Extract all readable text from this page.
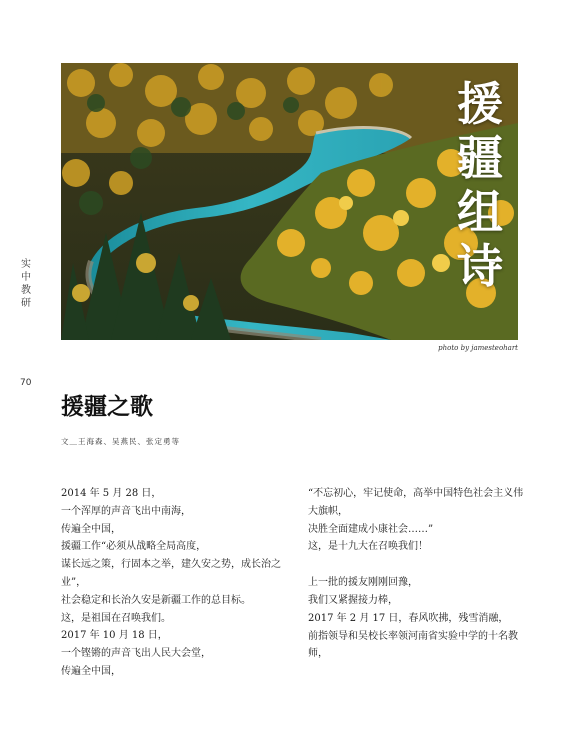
实中教研
70
援疆组诗
photo by jamesteohart
援疆之歌
文＿王海森、吴燕民、张定勇等

2014 年 5 月 28 日，

一个浑厚的声音飞出中南海，

传遍全中国，

援疆工作“必须从战略全局高度，

谋长远之策，行固本之举，建久安之势，成长治之业”，

社会稳定和长治久安是新疆工作的总目标。

这，是祖国在召唤我们。

2017 年 10 月 18 日，

一个铿锵的声音飞出人民大会堂，

传遍全中国，

“不忘初心，牢记使命，高举中国特色社会主义伟大旗帜，

决胜全面建成小康社会……”

这，是十九大在召唤我们！

上一批的援友刚刚回豫，

我们又紧握接力棒，

2017 年 2 月 17 日，春风吹拂，残雪消融，

前指领导和吴校长率领河南省实验中学的十名教师，
